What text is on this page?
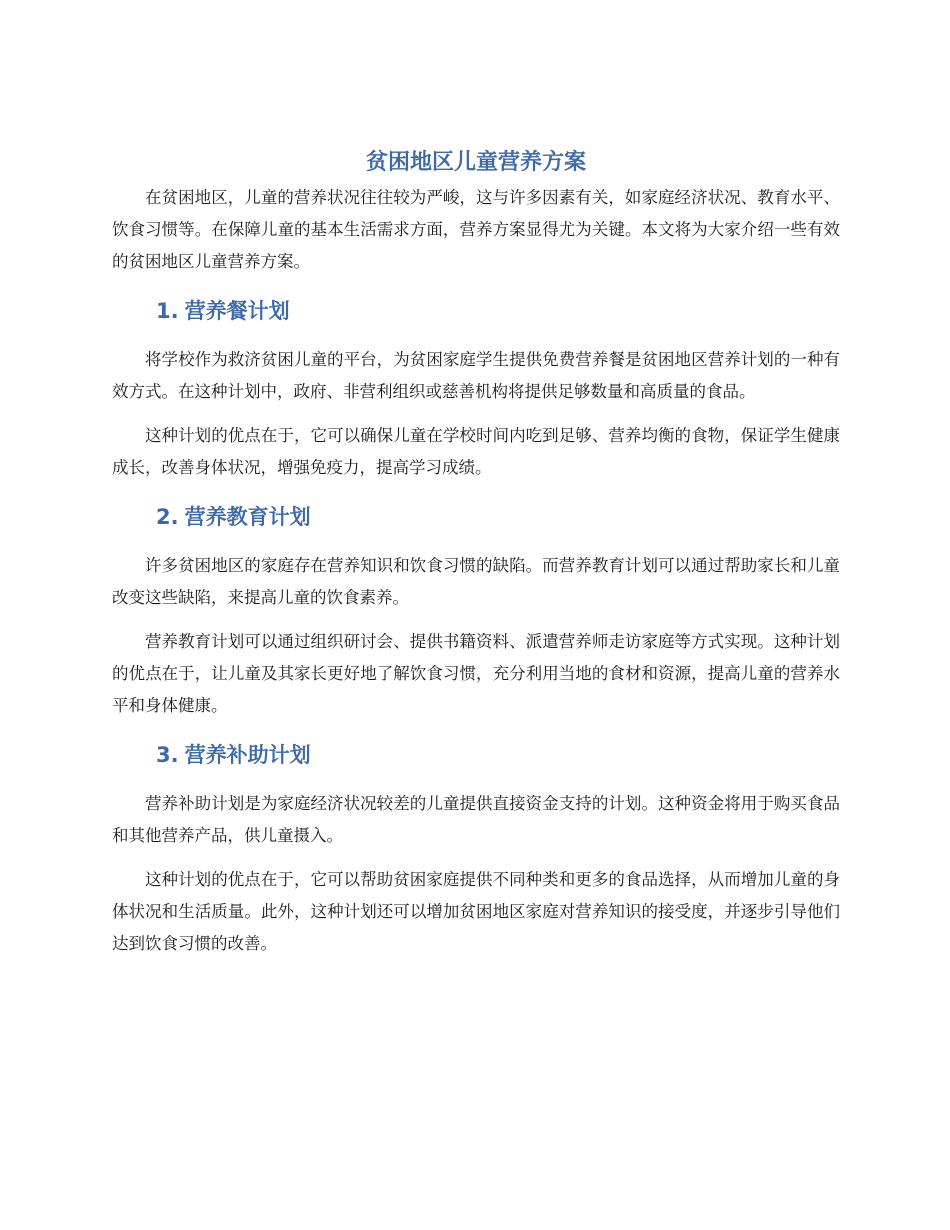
贫困地区儿童营养方案

在贫困地区，儿童的营养状况往往较为严峻，这与许多因素有关，如家庭经济状况、教育水平、饮食习惯等。在保障儿童的基本生活需求方面，营养方案显得尤为关键。本文将为大家介绍一些有效的贫困地区儿童营养方案。

1. 营养餐计划

将学校作为救济贫困儿童的平台，为贫困家庭学生提供免费营养餐是贫困地区营养计划的一种有效方式。在这种计划中，政府、非营利组织或慈善机构将提供足够数量和高质量的食品。

这种计划的优点在于，它可以确保儿童在学校时间内吃到足够、营养均衡的食物，保证学生健康成长，改善身体状况，增强免疫力，提高学习成绩。

2. 营养教育计划

许多贫困地区的家庭存在营养知识和饮食习惯的缺陷。而营养教育计划可以通过帮助家长和儿童改变这些缺陷，来提高儿童的饮食素养。

营养教育计划可以通过组织研讨会、提供书籍资料、派遣营养师走访家庭等方式实现。这种计划的优点在于，让儿童及其家长更好地了解饮食习惯，充分利用当地的食材和资源，提高儿童的营养水平和身体健康。

3. 营养补助计划

营养补助计划是为家庭经济状况较差的儿童提供直接资金支持的计划。这种资金将用于购买食品和其他营养产品，供儿童摄入。

这种计划的优点在于，它可以帮助贫困家庭提供不同种类和更多的食品选择，从而增加儿童的身体状况和生活质量。此外，这种计划还可以增加贫困地区家庭对营养知识的接受度，并逐步引导他们达到饮食习惯的改善。
